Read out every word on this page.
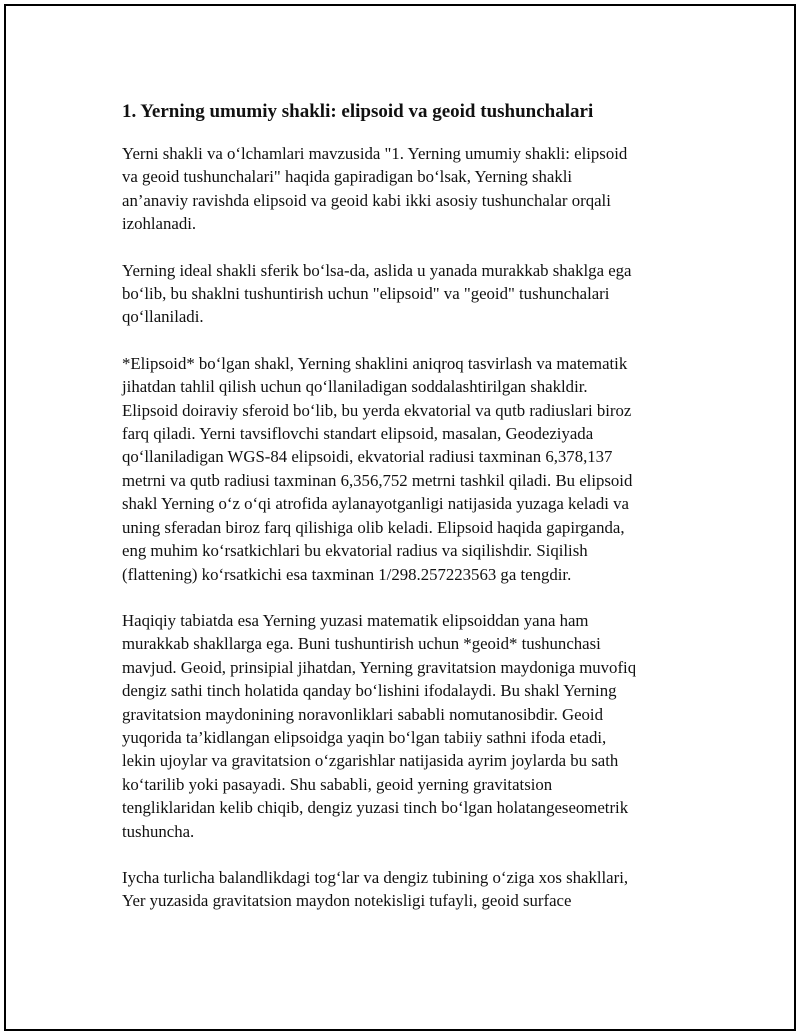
1. Yerning umumiy shakli: elipsoid va geoid tushunchalari

Yerni shakli va o‘lchamlari mavzusida "1. Yerning umumiy shakli: elipsoid
va geoid tushunchalari" haqida gapiradigan bo‘lsak, Yerning shakli
an’anaviy ravishda elipsoid va geoid kabi ikki asosiy tushunchalar orqali
izohlanadi.

Yerning ideal shakli sferik bo‘lsa-da, aslida u yanada murakkab shaklga ega
bo‘lib, bu shaklni tushuntirish uchun "elipsoid" va "geoid" tushunchalari
qo‘llaniladi.

*Elipsoid* bo‘lgan shakl, Yerning shaklini aniqroq tasvirlash va matematik
jihatdan tahlil qilish uchun qo‘llaniladigan soddalashtirilgan shakldir.
Elipsoid doiraviy sferoid bo‘lib, bu yerda ekvatorial va qutb radiuslari biroz
farq qiladi. Yerni tavsiflovchi standart elipsoid, masalan, Geodeziyada
qo‘llaniladigan WGS-84 elipsoidi, ekvatorial radiusi taxminan 6,378,137
metrni va qutb radiusi taxminan 6,356,752 metrni tashkil qiladi. Bu elipsoid
shakl Yerning o‘z o‘qi atrofida aylanayotganligi natijasida yuzaga keladi va
uning sferadan biroz farq qilishiga olib keladi. Elipsoid haqida gapirganda,
eng muhim ko‘rsatkichlari bu ekvatorial radius va siqilishdir. Siqilish
(flattening) ko‘rsatkichi esa taxminan 1/298.257223563 ga tengdir.

Haqiqiy tabiatda esa Yerning yuzasi matematik elipsoiddan yana ham
murakkab shakllarga ega. Buni tushuntirish uchun *geoid* tushunchasi
mavjud. Geoid, prinsipial jihatdan, Yerning gravitatsion maydoniga muvofiq
dengiz sathi tinch holatida qanday bo‘lishini ifodalaydi. Bu shakl Yerning
gravitatsion maydonining noravonliklari sababli nomutanosibdir. Geoid
yuqorida ta’kidlangan elipsoidga yaqin bo‘lgan tabiiy sathni ifoda etadi,
lekin ujoylar va gravitatsion o‘zgarishlar natijasida ayrim joylarda bu sath
ko‘tarilib yoki pasayadi. Shu sababli, geoid yerning gravitatsion
tengliklaridan kelib chiqib, dengiz yuzasi tinch bo‘lgan holatangeseometrik
tushuncha.

Iycha turlicha balandlikdagi tog‘lar va dengiz tubining o‘ziga xos shakllari,
Yer yuzasida gravitatsion maydon notekisligi tufayli, geoid surface
